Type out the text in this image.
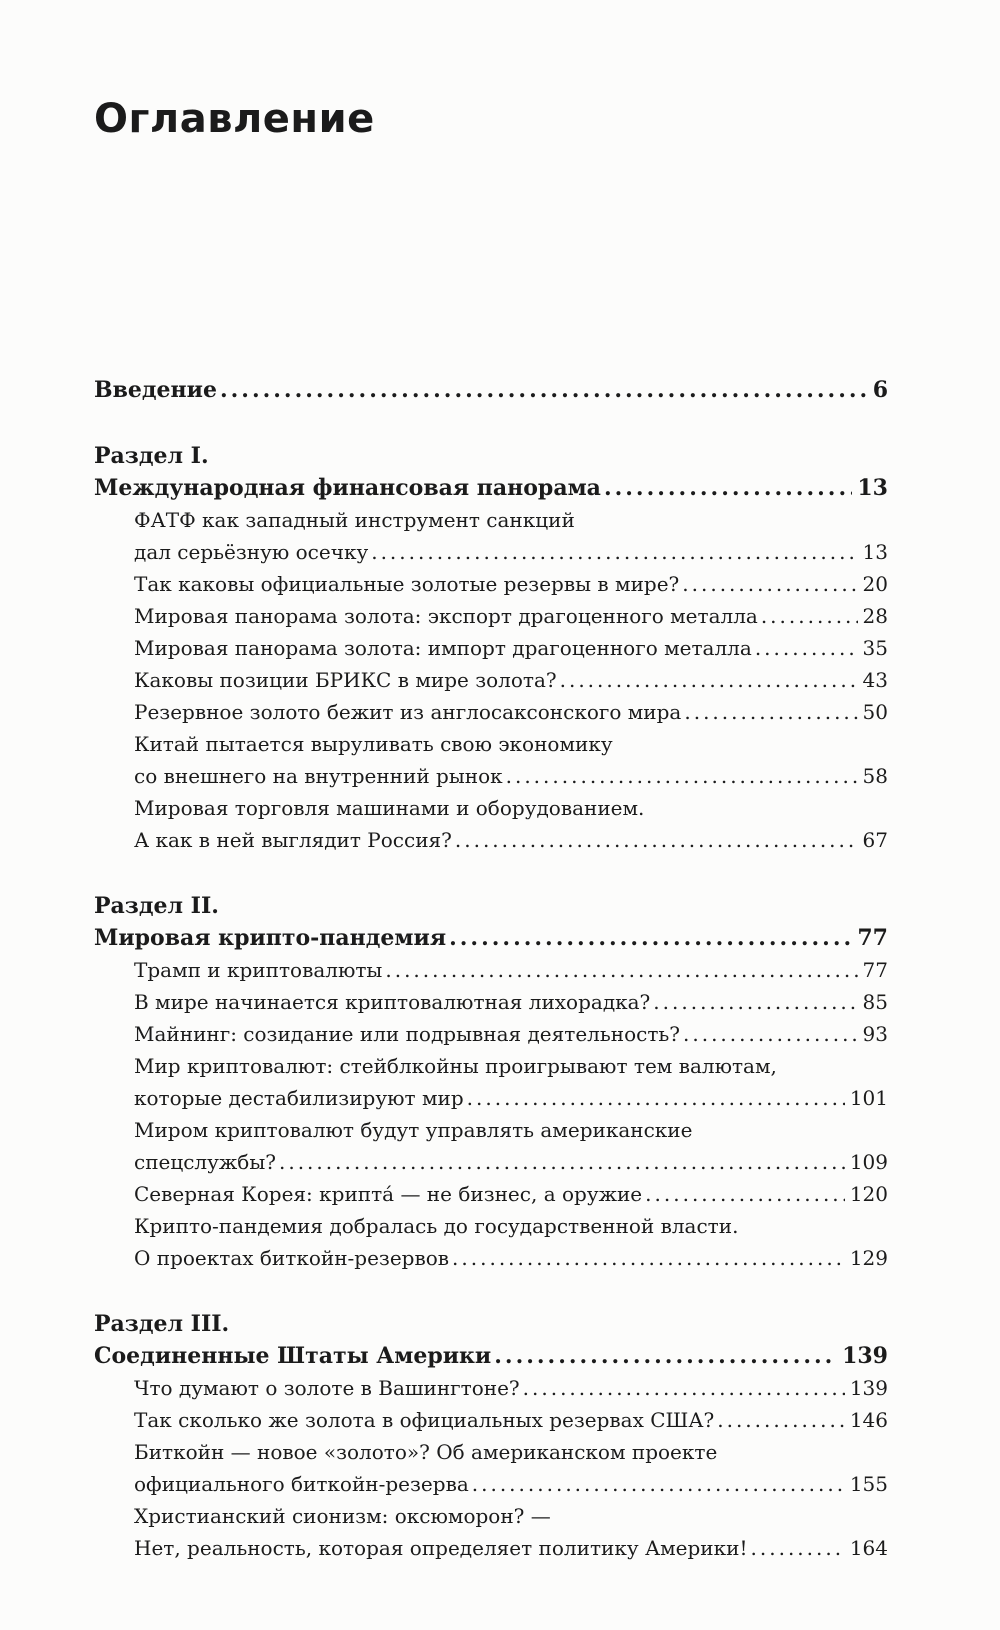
Оглавление
Введение .....	6
Раздел I.
Международная финансовая панорама .....	13
ФАТФ как западный инструмент санкций
дал серьёзную осечку .....	13
Так каковы официальные золотые резервы в мире? .....	20
Мировая панорама золота: экспорт драгоценного металла .....	28
Мировая панорама золота: импорт драгоценного металла .....	35
Каковы позиции БРИКС в мире золота? .....	43
Резервное золото бежит из англосаксонского мира .....	50
Китай пытается выруливать свою экономику
со внешнего на внутренний рынок .....	58
Мировая торговля машинами и оборудованием.
А как в ней выглядит Россия? .....	67
Раздел II.
Мировая крипто-пандемия .....	77
Трамп и криптовалюты .....	77
В мире начинается криптовалютная лихорадка? .....	85
Майнинг: созидание или подрывная деятельность? .....	93
Мир криптовалют: стейблкойны проигрывают тем валютам,
которые дестабилизируют мир .....	101
Миром криптовалют будут управлять американские
спецслужбы? .....	109
Северная Корея: крипта́ — не бизнес, а оружие .....	120
Крипто-пандемия добралась до государственной власти.
О проектах биткойн-резервов .....	129
Раздел III.
Соединенные Штаты Америки .....	139
Что думают о золоте в Вашингтоне? .....	139
Так сколько же золота в официальных резервах США? .....	146
Биткойн — новое «золото»? Об американском проекте
официального биткойн-резерва .....	155
Христианский сионизм: оксюморон? —
Нет, реальность, которая определяет политику Америки! .....	164
